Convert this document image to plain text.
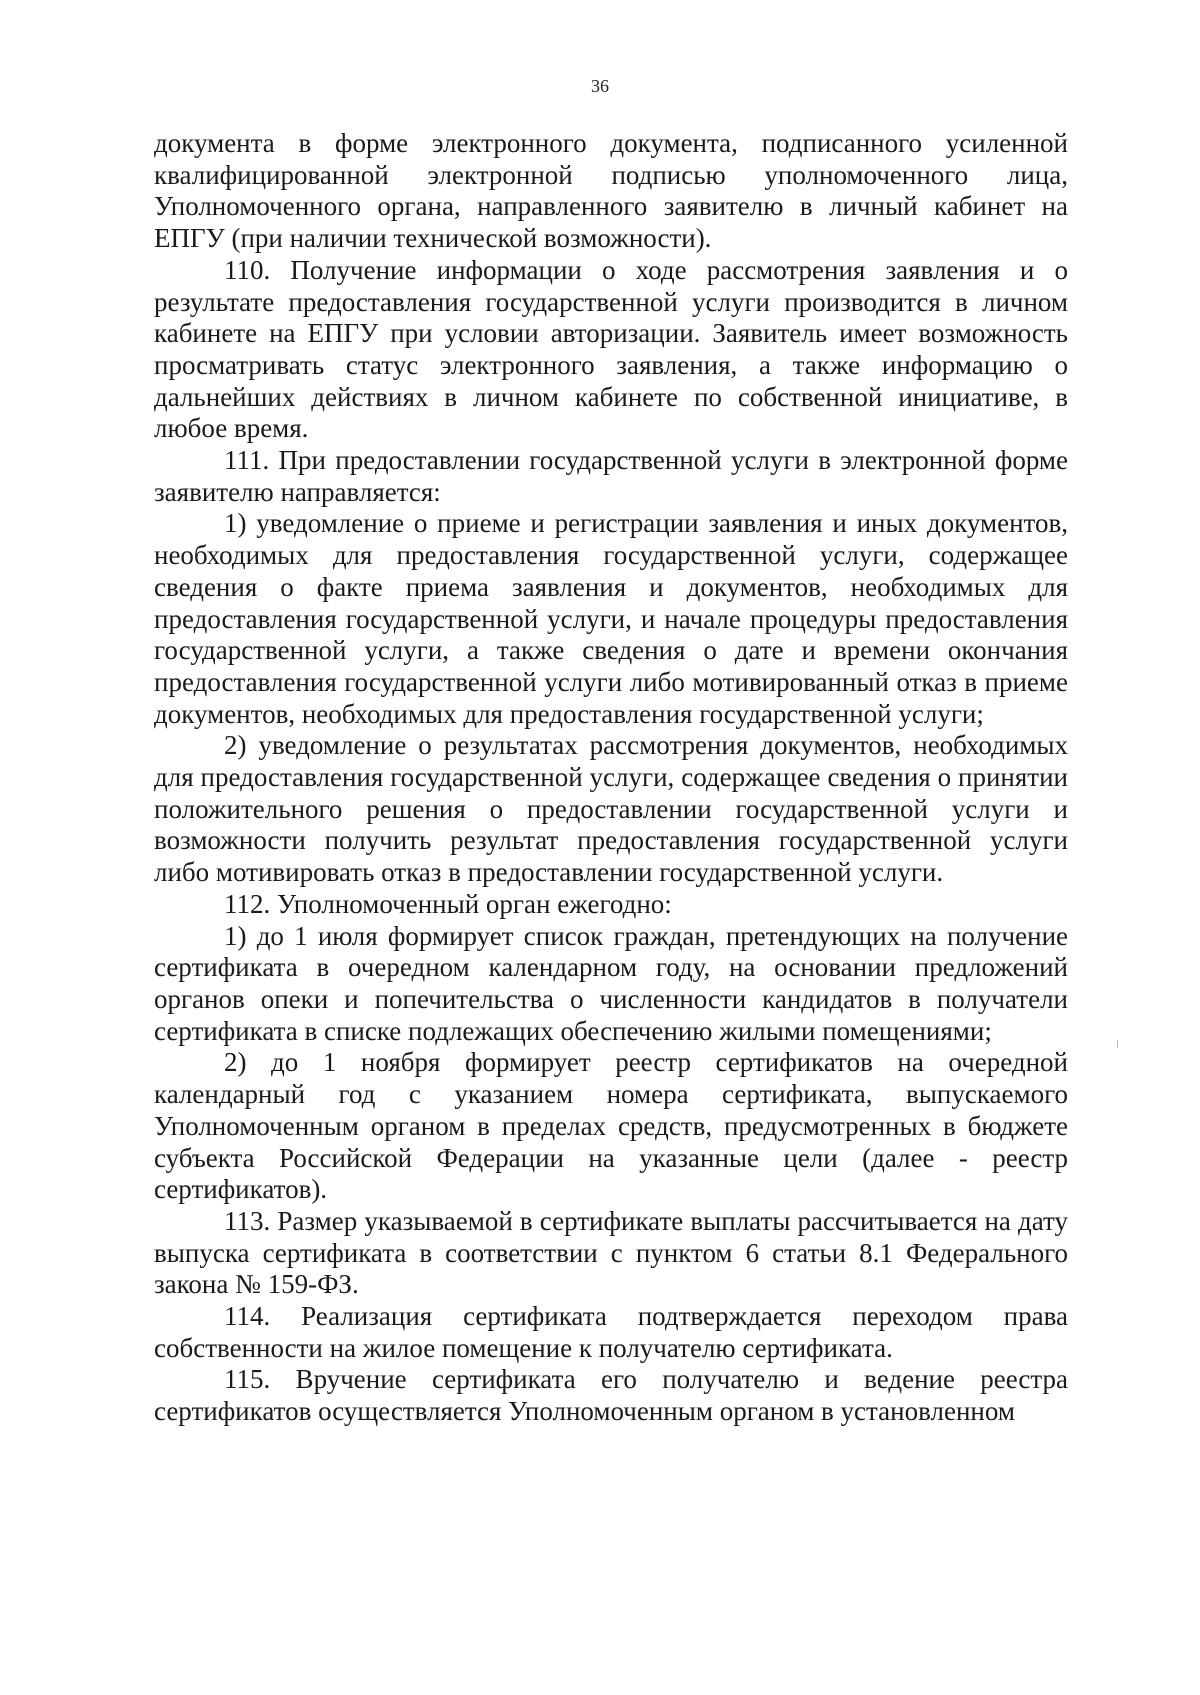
36

документа в форме электронного документа, подписанного усиленной квалифицированной электронной подписью уполномоченного лица, Уполномоченного органа, направленного заявителю в личный кабинет на ЕПГУ (при наличии технической возможности).

110. Получение информации о ходе рассмотрения заявления и о результате предоставления государственной услуги производится в личном кабинете на ЕПГУ при условии авторизации. Заявитель имеет возможность просматривать статус электронного заявления, а также информацию о дальнейших действиях в личном кабинете по собственной инициативе, в любое время.

111. При предоставлении государственной услуги в электронной форме заявителю направляется:

1) уведомление о приеме и регистрации заявления и иных документов, необходимых для предоставления государственной услуги, содержащее сведения о факте приема заявления и документов, необходимых для предоставления государственной услуги, и начале процедуры предоставления государственной услуги, а также сведения о дате и времени окончания предоставления государственной услуги либо мотивированный отказ в приеме документов, необходимых для предоставления государственной услуги;

2) уведомление о результатах рассмотрения документов, необходимых для предоставления государственной услуги, содержащее сведения о принятии положительного решения о предоставлении государственной услуги и возможности получить результат предоставления государственной услуги либо мотивировать отказ в предоставлении государственной услуги.

112. Уполномоченный орган ежегодно:

1) до 1 июля формирует список граждан, претендующих на получение сертификата в очередном календарном году, на основании предложений органов опеки и попечительства о численности кандидатов в получатели сертификата в списке подлежащих обеспечению жилыми помещениями;

2) до 1 ноября формирует реестр сертификатов на очередной календарный год с указанием номера сертификата, выпускаемого Уполномоченным органом в пределах средств, предусмотренных в бюджете субъекта Российской Федерации на указанные цели (далее - реестр сертификатов).

113. Размер указываемой в сертификате выплаты рассчитывается на дату выпуска сертификата в соответствии с пунктом 6 статьи 8.1 Федерального закона № 159-ФЗ.

114. Реализация сертификата подтверждается переходом права собственности на жилое помещение к получателю сертификата.

115. Вручение сертификата его получателю и ведение реестра сертификатов осуществляется Уполномоченным органом в установленном
